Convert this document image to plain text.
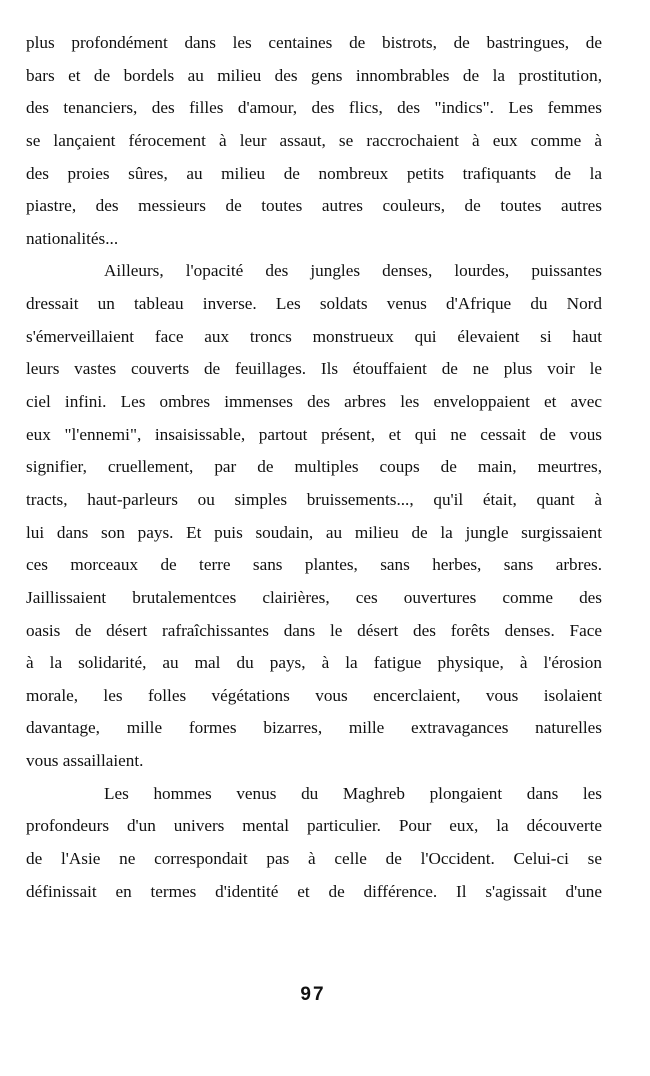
plus profondément dans les centaines de bistrots, de bastringues, de
bars et de bordels au milieu des gens innombrables de la prostitution,
des tenanciers, des filles d'amour, des flics, des "indics". Les femmes
se lançaient férocement à leur assaut, se raccrochaient à eux comme à
des proies sûres, au milieu de nombreux petits trafiquants de la
piastre, des messieurs de toutes autres couleurs, de toutes autres
nationalités...
Ailleurs, l'opacité des jungles denses, lourdes, puissantes
dressait un tableau inverse. Les soldats venus d'Afrique du Nord
s'émerveillaient face aux troncs monstrueux qui élevaient si haut
leurs vastes couverts de feuillages. Ils étouffaient de ne plus voir le
ciel infini. Les ombres immenses des arbres les enveloppaient et avec
eux "l'ennemi", insaisissable, partout présent, et qui ne cessait de vous
signifier, cruellement, par de multiples coups de main, meurtres,
tracts, haut-parleurs ou simples bruissements..., qu'il était, quant à
lui dans son pays. Et puis soudain, au milieu de la jungle surgissaient
ces morceaux de terre sans plantes, sans herbes, sans arbres.
Jaillissaient brutalementces clairières, ces ouvertures comme des
oasis de désert rafraîchissantes dans le désert des forêts denses. Face
à la solidarité, au mal du pays, à la fatigue physique, à l'érosion
morale, les folles végétations vous encerclaient, vous isolaient
davantage, mille formes bizarres, mille extravagances naturelles
vous assaillaient.
Les hommes venus du Maghreb plongaient dans les
profondeurs d'un univers mental particulier. Pour eux, la découverte
de l'Asie ne correspondait pas à celle de l'Occident. Celui-ci se
définissait en termes d'identité et de différence. Il s'agissait d'une
97
